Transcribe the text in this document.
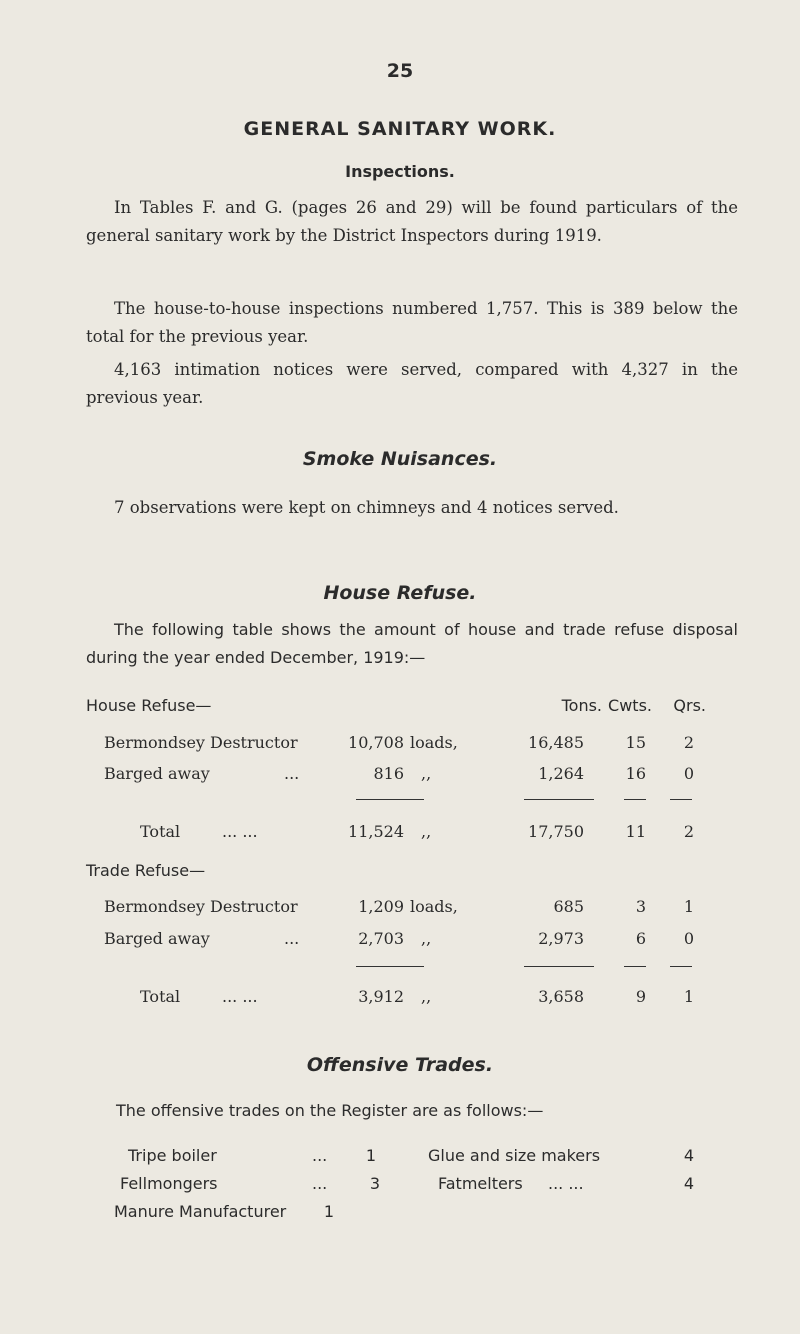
25
GENERAL SANITARY WORK.
Inspections.
In Tables F. and G. (pages 26 and 29) will be found particulars of the general sanitary work by the District Inspectors during 1919.
The house-to-house inspections numbered 1,757. This is 389 below the total for the previous year.
4,163 intimation notices were served, compared with 4,327 in the previous year.
Smoke Nuisances.
7 observations were kept on chimneys and 4 notices served.
House Refuse.
The following table shows the amount of house and trade refuse disposal during the year ended December, 1919:—
House Refuse—	Tons. Cwts.	Qrs.
Bermondsey Destructor	10,708 loads,	16,485	15	2
Barged away	...	816 ,,	1,264	16	0
Total	... ...	11,524 ,,	17,750	11	2
Trade Refuse—
Bermondsey Destructor	1,209 loads,	685	3	1
Barged away	...	2,703 ,,	2,973	6	0
Total	... ...	3,912 ,,	3,658	9	1
Offensive Trades.
The offensive trades on the Register are as follows:—
Tripe boiler	...	1	Glue and size makers	4
Fellmongers	...	3	Fatmelters ... ...	4
Manure Manufacturer	1
